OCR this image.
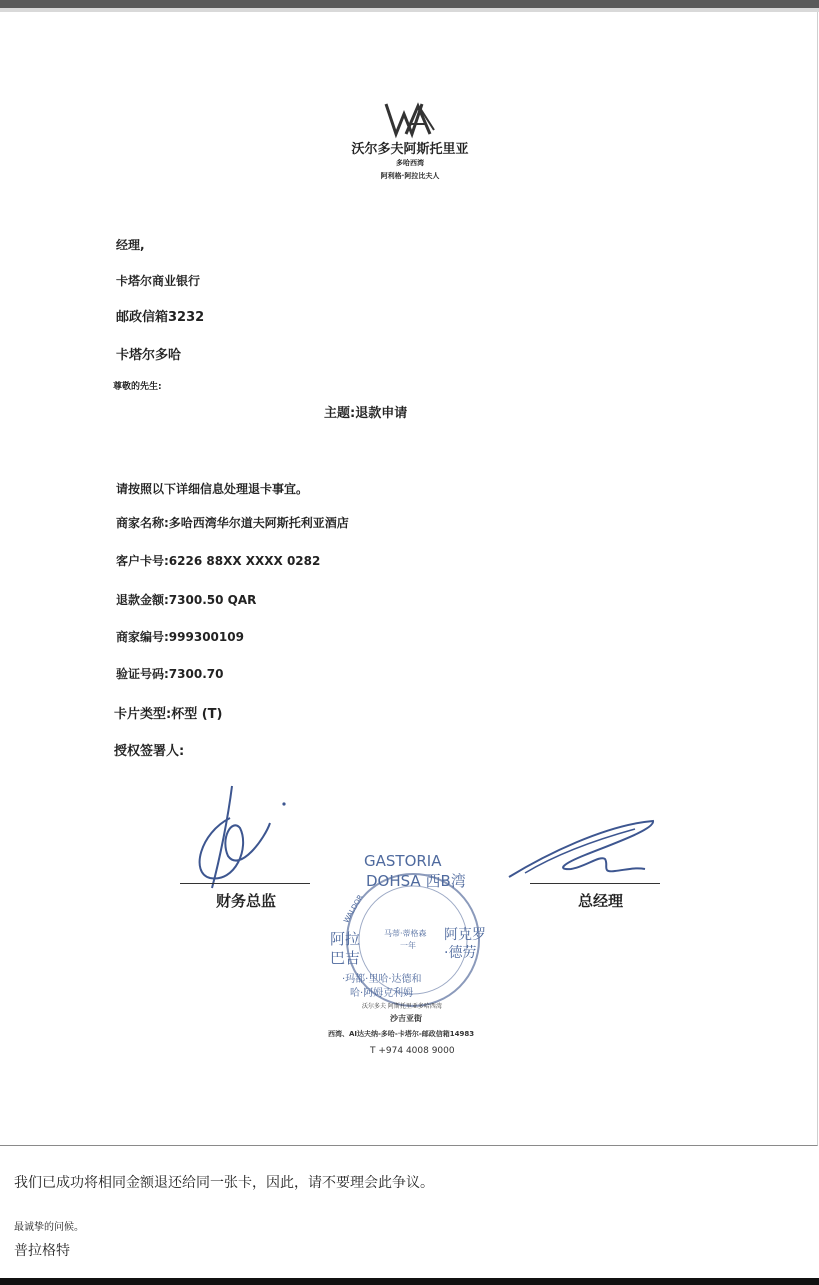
沃尔多夫阿斯托里亚
多哈西湾
阿利格·阿拉比夫人
经理,
卡塔尔商业银行
邮政信箱3232
卡塔尔多哈
尊敬的先生:
主题:退款申请
请按照以下详细信息处理退卡事宜。
商家名称:多哈西湾华尔道夫阿斯托利亚酒店
客户卡号:6226 88XX XXXX 0282
退款金额:7300.50 QAR
商家编号:999300109
验证号码:7300.70
卡片类型:杯型 (T)
授权签署人:
财务总监	总经理
GASTORIA
DOHSA 西B湾
WALDOR
阿拉
巴吉
阿克罗
·德劳
马蒂·蒂格森
一年
·玛都·里哈·达德和
哈·阿姆克利姆
沃尔多夫 阿斯托里亚多哈西湾
沙吉亚街
西湾、AI达夫纳-多哈-卡塔尔-邮政信箱14983
T +974 4008 9000
我们已成功将相同金额退还给同一张卡，因此，请不要理会此争议。
最诚挚的问候。
普拉格特
